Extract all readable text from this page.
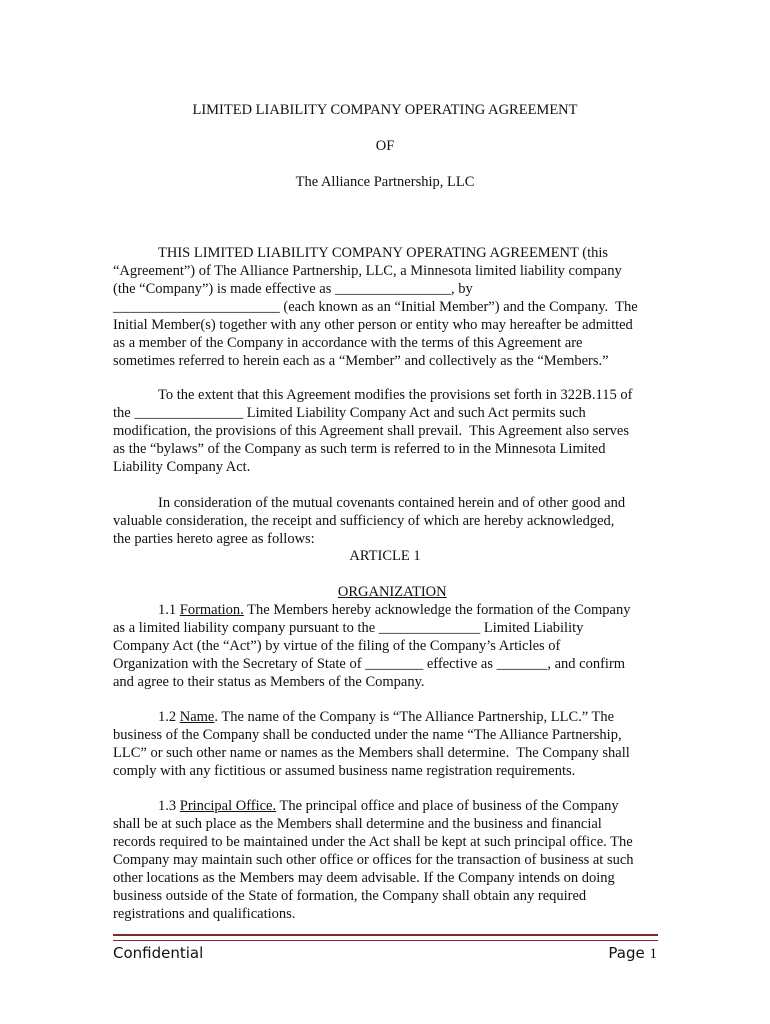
LIMITED LIABILITY COMPANY OPERATING AGREEMENT
OF
The Alliance Partnership, LLC
THIS LIMITED LIABILITY COMPANY OPERATING AGREEMENT (this
“Agreement”) of The Alliance Partnership, LLC, a Minnesota limited liability company
(the “Company”) is made effective as ________________, by
_______________________ (each known as an “Initial Member”) and the Company.  The
Initial Member(s) together with any other person or entity who may hereafter be admitted
as a member of the Company in accordance with the terms of this Agreement are
sometimes referred to herein each as a “Member” and collectively as the “Members.”
To the extent that this Agreement modifies the provisions set forth in 322B.115 of
the _______________ Limited Liability Company Act and such Act permits such
modification, the provisions of this Agreement shall prevail.  This Agreement also serves
as the “bylaws” of the Company as such term is referred to in the Minnesota Limited
Liability Company Act.
In consideration of the mutual covenants contained herein and of other good and
valuable consideration, the receipt and sufficiency of which are hereby acknowledged,
the parties hereto agree as follows:
ARTICLE 1

ORGANIZATION

1.1 Formation. The Members hereby acknowledge the formation of the Company
as a limited liability company pursuant to the ______________ Limited Liability
Company Act (the “Act”) by virtue of the filing of the Company’s Articles of
Organization with the Secretary of State of ________ effective as _______, and confirm
and agree to their status as Members of the Company.
1.2 Name. The name of the Company is “The Alliance Partnership, LLC.” The
business of the Company shall be conducted under the name “The Alliance Partnership,
LLC” or such other name or names as the Members shall determine.  The Company shall
comply with any fictitious or assumed business name registration requirements.
1.3 Principal Office. The principal office and place of business of the Company
shall be at such place as the Members shall determine and the business and financial
records required to be maintained under the Act shall be kept at such principal office. The
Company may maintain such other office or offices for the transaction of business at such
other locations as the Members may deem advisable. If the Company intends on doing
business outside of the State of formation, the Company shall obtain any required
registrations and qualifications.
Confidential	Page 1
